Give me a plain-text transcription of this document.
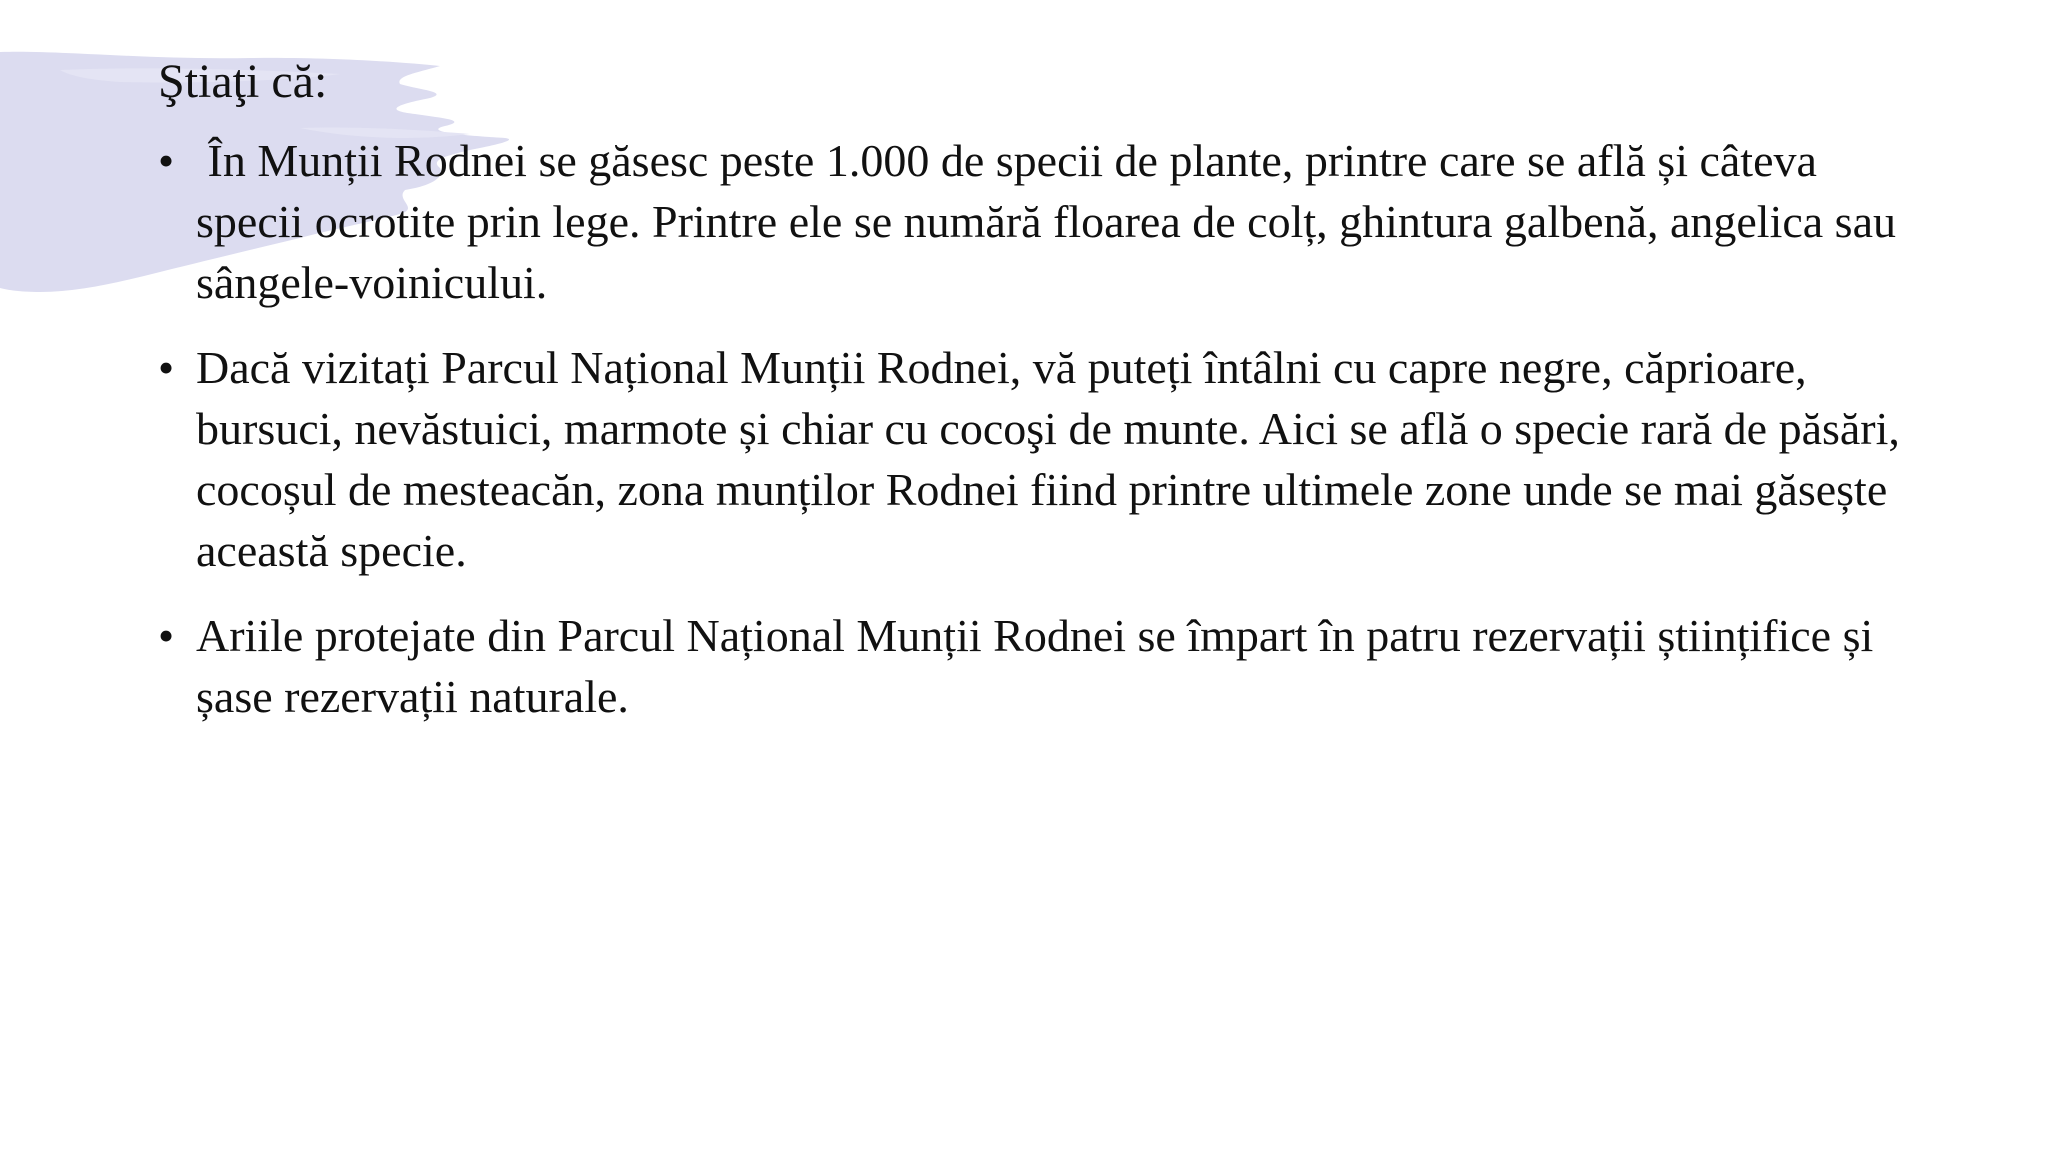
Ştiaţi că:
• În Munții Rodnei se găsesc peste 1.000 de specii de plante, printre care se află și câteva specii ocrotite prin lege. Printre ele se numără floarea de colț, ghintura galbenă, angelica sau sângele-voinicului.
• Dacă vizitați Parcul Național Munții Rodnei, vă puteți întâlni cu capre negre, căprioare, bursuci, nevăstuici, marmote și chiar cu cocoşi de munte. Aici se află o specie rară de păsări, cocoșul de mesteacăn, zona munților Rodnei fiind printre ultimele zone unde se mai găsește această specie.
• Ariile protejate din Parcul Național Munții Rodnei se împart în patru rezervații științifice și șase rezervații naturale.
